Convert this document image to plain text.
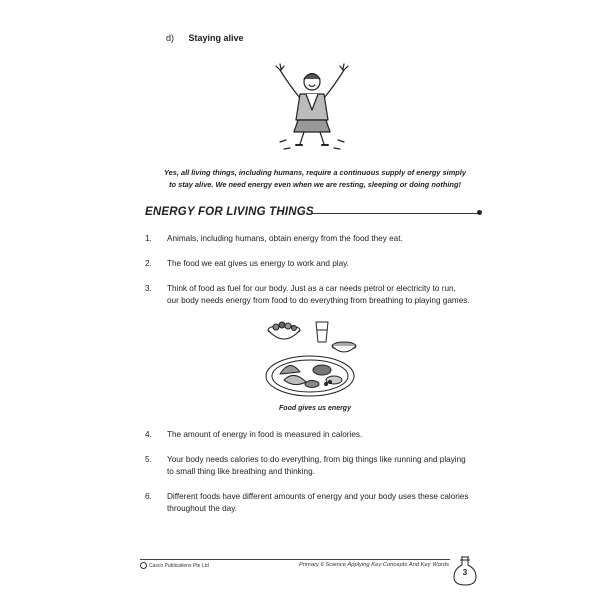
d) Staying alive
Yes, all living things, including humans, require a continuous supply of energy simply
to stay alive. We need energy even when we are resting, sleeping or doing nothing!
ENERGY FOR LIVING THINGS
1. Animals, including humans, obtain energy from the food they eat.
2. The food we eat gives us energy to work and play.
3. Think of food as fuel for our body. Just as a car needs petrol or electricity to run,
our body needs energy from food to do everything from breathing to playing games.
Food gives us energy
4. The amount of energy in food is measured in calories.
5. Your body needs calories to do everything, from big things like running and playing
to small thing like breathing and thinking.
6. Different foods have different amounts of energy and your body uses these calories
throughout the day.
Casco Publications Pte Ltd	Primary 6 Science Applying Key Concepts And Key Words
3
